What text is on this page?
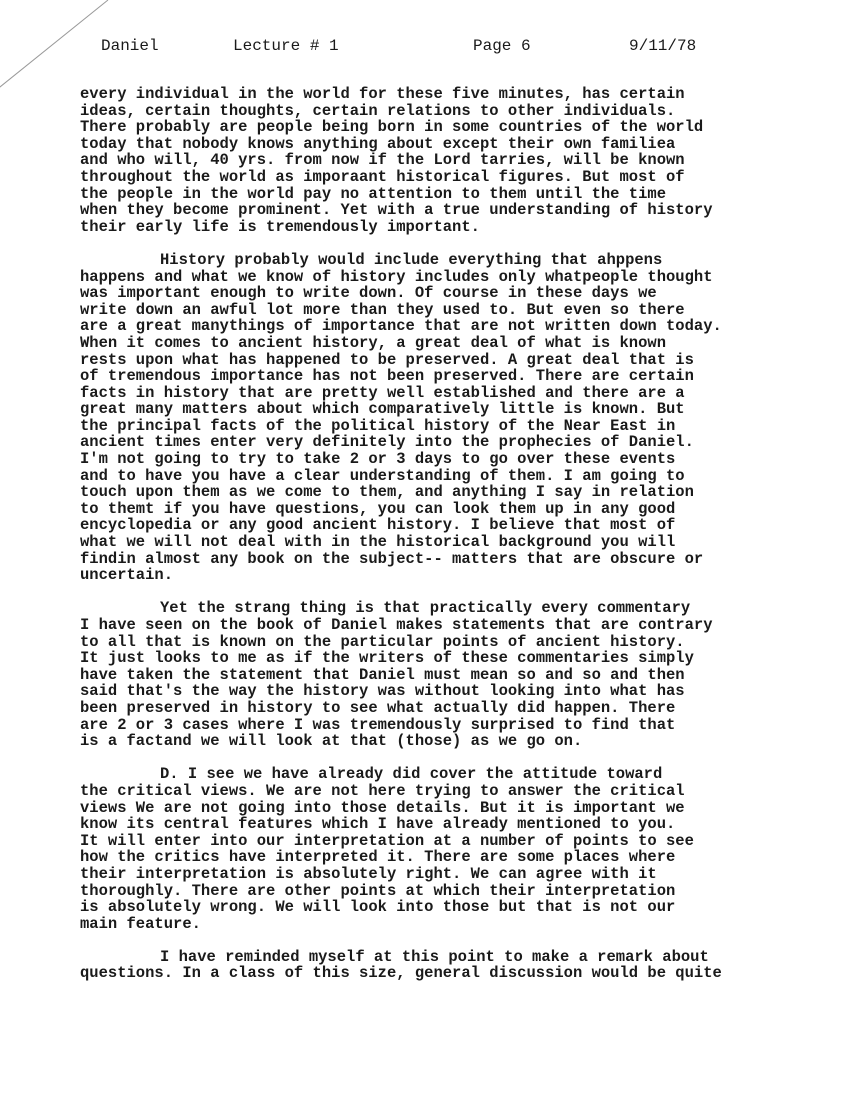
Daniel	Lecture # 1	Page 6	9/11/78
every individual in the world for these five minutes, has certain
ideas, certain thoughts, certain relations to other individuals.
There probably are people being born in some countries of the world
today that nobody knows anything about except their own familiea
and who will, 40 yrs. from now if the Lord tarries, will be known
throughout the world as imporaant historical figures. But most of
the people in the world pay no attention to them until the time
when they become prominent. Yet with a true understanding of history
their early life is tremendously important.
History probably would include everything that ahppens
happens and what we know of history includes only whatpeople thought
was important enough to write down. Of course in these days we
write down an awful lot more than they used to. But even so there
are a great manythings of importance that are not written down today.
When it comes to ancient history, a great deal of what is known
rests upon what has happened to be preserved. A great deal that is
of tremendous importance has not been preserved. There are certain
facts in history that are pretty well established and there are a
great many matters about which comparatively little is known. But
the principal facts of the political history of the Near East in
ancient times enter very definitely into the prophecies of Daniel.
I'm not going to try to take 2 or 3 days to go over these events
and to have you have a clear understanding of them. I am going to
touch upon them as we come to them, and anything I say in relation
to themt if you have questions, you can look them up in any good
encyclopedia or any good ancient history. I believe that most of
what we will not deal with in the historical background you will
findin almost any book on the subject-- matters that are obscure or
uncertain.
Yet the strang thing is that practically every commentary
I have seen on the book of Daniel makes statements that are contrary
to all that is known on the particular points of ancient history.
It just looks to me as if the writers of these commentaries simply
have taken the statement that Daniel must mean so and so and then
said that's the way the history was without looking into what has
been preserved in history to see what actually did happen. There
are 2 or 3 cases where I was tremendously surprised to find that
is a factand we will look at that (those) as we go on.
D. I see we have already did cover the attitude toward
the critical views. We are not here trying to answer the critical
views We are not going into those details. But it is important we
know its central features which I have already mentioned to you.
It will enter into our interpretation at a number of points to see
how the critics have interpreted it. There are some places where
their interpretation is absolutely right. We can agree with it
thoroughly. There are other points at which their interpretation
is absolutely wrong. We will look into those but that is not our
main feature.
I have reminded myself at this point to make a remark about
questions. In a class of this size, general discussion would be quite
